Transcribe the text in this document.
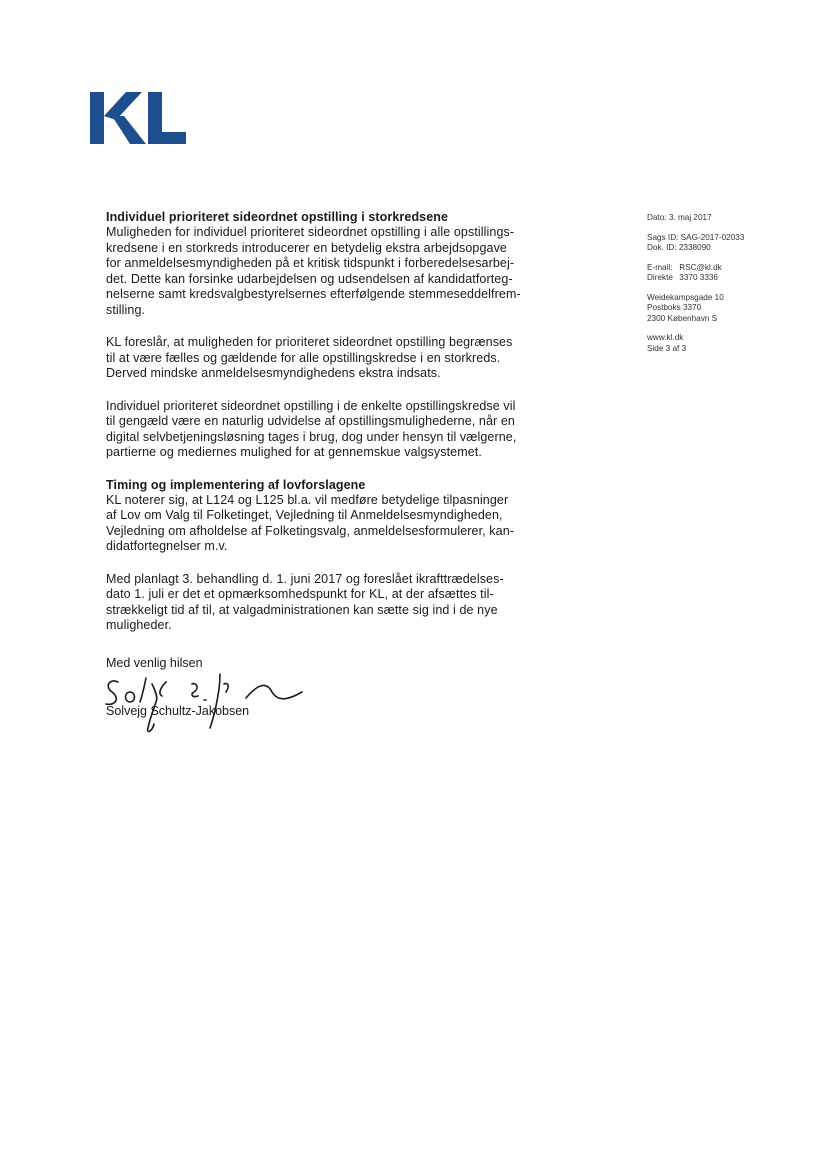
Individuel prioriteret sideordnet opstilling i storkredsene

Muligheden for individuel prioriteret sideordnet opstilling i alle opstillings-
kredsene i en storkreds introducerer en betydelig ekstra arbejdsopgave
for anmeldelsesmyndigheden på et kritisk tidspunkt i forberedelsesarbej-
det. Dette kan forsinke udarbejdelsen og udsendelsen af kandidatforteg-
nelserne samt kredsvalgbestyrelsernes efterfølgende stemmeseddelfrem-
stilling.

KL foreslår, at muligheden for prioriteret sideordnet opstilling begrænses
til at være fælles og gældende for alle opstillingskredse i en storkreds.
Derved mindske anmeldelsesmyndighedens ekstra indsats.

Individuel prioriteret sideordnet opstilling i de enkelte opstillingskredse vil
til gengæld være en naturlig udvidelse af opstillingsmulighederne, når en
digital selvbetjeningsløsning tages i brug, dog under hensyn til vælgerne,
partierne og mediernes mulighed for at gennemskue valgsystemet.

Timing og implementering af lovforslagene

KL noterer sig, at L124 og L125 bl.a. vil medføre betydelige tilpasninger
af Lov om Valg til Folketinget, Vejledning til Anmeldelsesmyndigheden,
Vejledning om afholdelse af Folketingsvalg, anmeldelsesformulerer, kan-
didatfortegnelser m.v.

Med planlagt 3. behandling d. 1. juni 2017 og foreslået ikrafttrædelses-
dato 1. juli er det et opmærksomhedspunkt for KL, at der afsættes til-
strækkeligt tid af til, at valgadministrationen kan sætte sig ind i de nye
muligheder.

Dato: 3. maj 2017
Sags ID: SAG-2017-02033
Dok. ID: 2338090
E-mail: RSC@kl.dk
Direkte 3370 3336
Weidekampsgade 10
Postboks 3370
2300 København S
www.kl.dk
Side 3 af 3
Med venlig hilsen
Solvejg Schultz-Jakobsen
